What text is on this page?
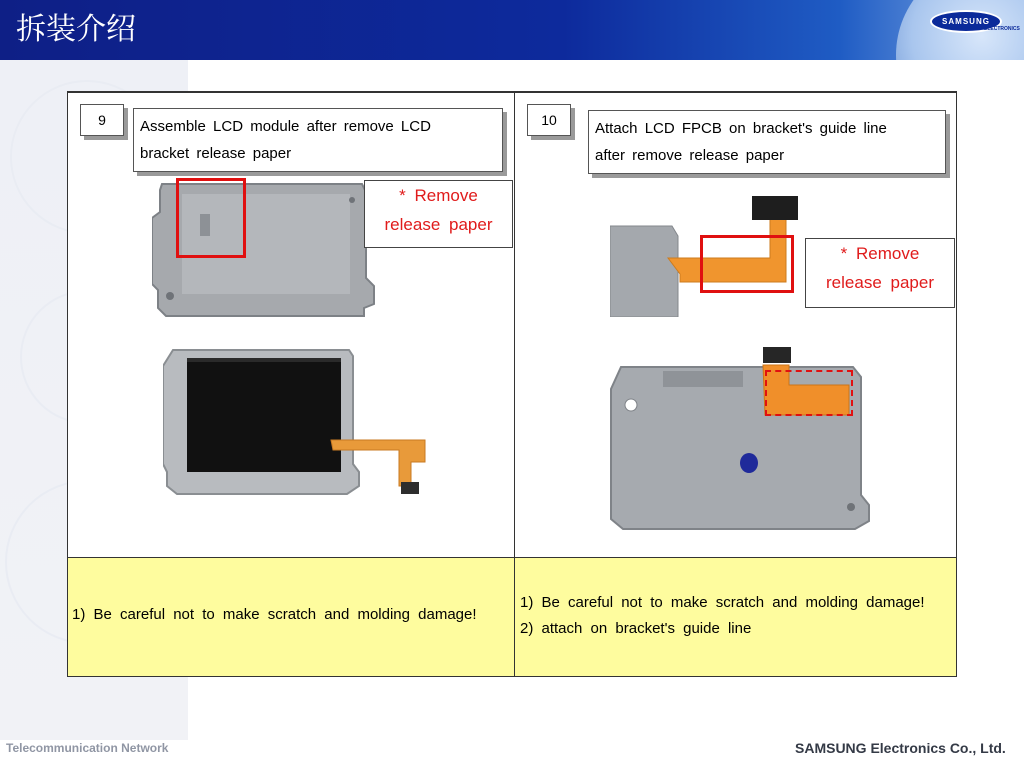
拆装介绍	SAMSUNG
ELECTRONICS
9 Assemble LCD module after remove LCD
bracket release paper
* Remove
release paper
1) Be careful not to make scratch and molding damage!
10	Attach LCD FPCB on bracket's guide line
after remove release paper
* Remove
release paper
1) Be careful not to make scratch and molding damage!
2) attach on bracket's guide line
Telecommunication Network	SAMSUNG Electronics Co., Ltd.
